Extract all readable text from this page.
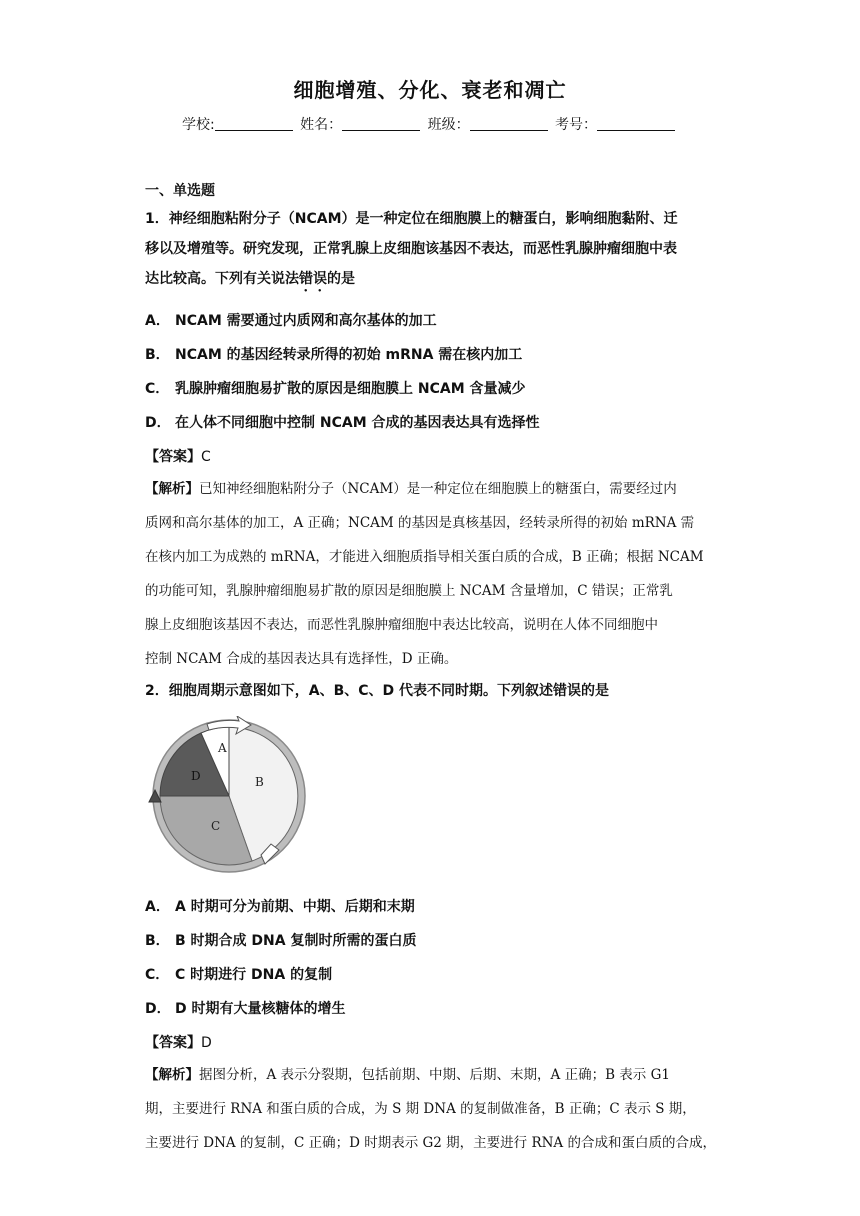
细胞增殖、分化、衰老和凋亡
学校:	姓名：	班级：	考号：
一、单选题
1．神经细胞粘附分子（NCAM）是一种定位在细胞膜上的糖蛋白，影响细胞黏附、迁
移以及增殖等。研究发现，正常乳腺上皮细胞该基因不表达，而恶性乳腺肿瘤细胞中表
达比较高。下列有关说法错误的是
A． NCAM 需要通过内质网和高尔基体的加工
B． NCAM 的基因经转录所得的初始 mRNA 需在核内加工
C． 乳腺肿瘤细胞易扩散的原因是细胞膜上 NCAM 含量减少
D． 在人体不同细胞中控制 NCAM 合成的基因表达具有选择性
【答案】C
【解析】已知神经细胞粘附分子（NCAM）是一种定位在细胞膜上的糖蛋白，需要经过内
质网和高尔基体的加工，A 正确；NCAM 的基因是真核基因，经转录所得的初始 mRNA 需
在核内加工为成熟的 mRNA，才能进入细胞质指导相关蛋白质的合成，B 正确；根据 NCAM
的功能可知，乳腺肿瘤细胞易扩散的原因是细胞膜上 NCAM 含量增加，C 错误；正常乳
腺上皮细胞该基因不表达，而恶性乳腺肿瘤细胞中表达比较高，说明在人体不同细胞中
控制 NCAM 合成的基因表达具有选择性，D 正确。
2．细胞周期示意图如下，A、B、C、D 代表不同时期。下列叙述错误的是
A
B
C
D
A． A 时期可分为前期、中期、后期和末期
B． B 时期合成 DNA 复制时所需的蛋白质
C． C 时期进行 DNA 的复制
D． D 时期有大量核糖体的增生
【答案】D
【解析】据图分析，A 表示分裂期，包括前期、中期、后期、末期，A 正确；B 表示 G1
期，主要进行 RNA 和蛋白质的合成，为 S 期 DNA 的复制做准备，B 正确；C 表示 S 期，
主要进行 DNA 的复制，C 正确；D 时期表示 G2 期，主要进行 RNA 的合成和蛋白质的合成，
